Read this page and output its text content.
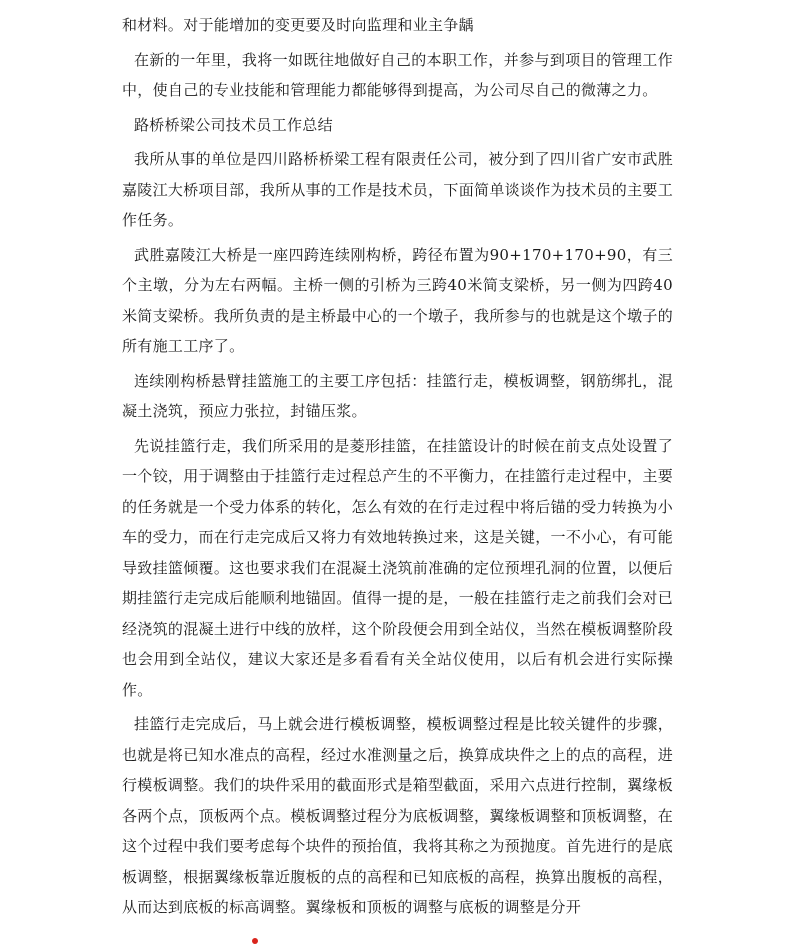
和材料。对于能增加的变更要及时向监理和业主争龋

在新的一年里，我将一如既往地做好自己的本职工作，并参与到项目的管理工作中，使自己的专业技能和管理能力都能够得到提高，为公司尽自己的微薄之力。

路桥桥梁公司技术员工作总结

我所从事的单位是四川路桥桥梁工程有限责任公司，被分到了四川省广安市武胜嘉陵江大桥项目部，我所从事的工作是技术员，下面简单谈谈作为技术员的主要工作任务。

武胜嘉陵江大桥是一座四跨连续刚构桥，跨径布置为90+170+170+90，有三个主墩，分为左右两幅。主桥一侧的引桥为三跨40米简支梁桥，另一侧为四跨40米简支梁桥。我所负责的是主桥最中心的一个墩子，我所参与的也就是这个墩子的所有施工工序了。

连续刚构桥悬臂挂篮施工的主要工序包括：挂篮行走，模板调整，钢筋绑扎，混凝土浇筑，预应力张拉，封锚压浆。

先说挂篮行走，我们所采用的是菱形挂篮，在挂篮设计的时候在前支点处设置了一个铰，用于调整由于挂篮行走过程总产生的不平衡力，在挂篮行走过程中，主要的任务就是一个受力体系的转化，怎么有效的在行走过程中将后锚的受力转换为小车的受力，而在行走完成后又将力有效地转换过来，这是关键，一不小心，有可能导致挂篮倾覆。这也要求我们在混凝土浇筑前准确的定位预埋孔洞的位置，以便后期挂篮行走完成后能顺利地锚固。值得一提的是，一般在挂篮行走之前我们会对已经浇筑的混凝土进行中线的放样，这个阶段便会用到全站仪，当然在模板调整阶段也会用到全站仪，建议大家还是多看看有关全站仪使用，以后有机会进行实际操作。

挂篮行走完成后，马上就会进行模板调整，模板调整过程是比较关键件的步骤，也就是将已知水准点的高程，经过水准测量之后，换算成块件之上的点的高程，进行模板调整。我们的块件采用的截面形式是箱型截面，采用六点进行控制，翼缘板各两个点，顶板两个点。模板调整过程分为底板调整，翼缘板调整和顶板调整，在这个过程中我们要考虑每个块件的预抬值，我将其称之为预抛度。首先进行的是底板调整，根据翼缘板靠近腹板的点的高程和已知底板的高程，换算出腹板的高程，从而达到底板的标高调整。翼缘板和顶板的调整与底板的调整是分开
